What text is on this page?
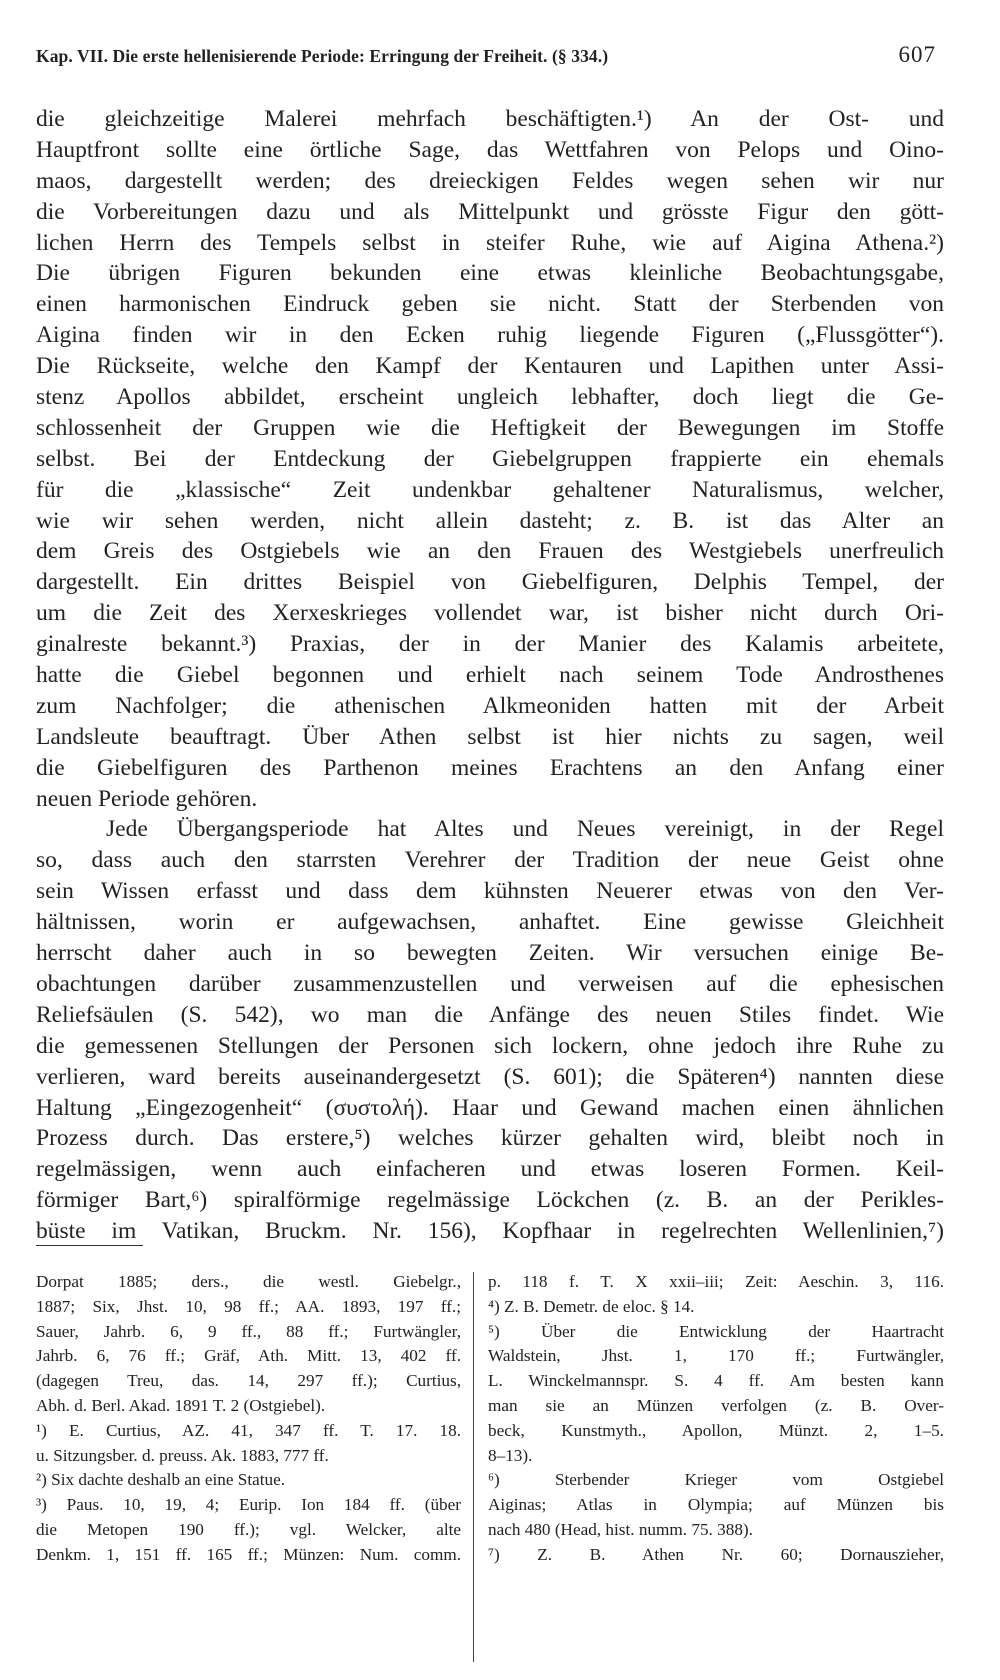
Kap. VII. Die erste hellenisierende Periode: Erringung der Freiheit. (§ 334.)	607
die gleichzeitige Malerei mehrfach beschäftigten.¹) An der Ost- und
Hauptfront sollte eine örtliche Sage, das Wettfahren von Pelops und Oino-
maos, dargestellt werden; des dreieckigen Feldes wegen sehen wir nur
die Vorbereitungen dazu und als Mittelpunkt und grösste Figur den gött-
lichen Herrn des Tempels selbst in steifer Ruhe, wie auf Aigina Athena.²)
Die übrigen Figuren bekunden eine etwas kleinliche Beobachtungsgabe,
einen harmonischen Eindruck geben sie nicht. Statt der Sterbenden von
Aigina finden wir in den Ecken ruhig liegende Figuren („Flussgötter“).
Die Rückseite, welche den Kampf der Kentauren und Lapithen unter Assi-
stenz Apollos abbildet, erscheint ungleich lebhafter, doch liegt die Ge-
schlossenheit der Gruppen wie die Heftigkeit der Bewegungen im Stoffe
selbst. Bei der Entdeckung der Giebelgruppen frappierte ein ehemals
für die „klassische“ Zeit undenkbar gehaltener Naturalismus, welcher,
wie wir sehen werden, nicht allein dasteht; z. B. ist das Alter an
dem Greis des Ostgiebels wie an den Frauen des Westgiebels unerfreulich
dargestellt. Ein drittes Beispiel von Giebelfiguren, Delphis Tempel, der
um die Zeit des Xerxeskrieges vollendet war, ist bisher nicht durch Ori-
ginalreste bekannt.³) Praxias, der in der Manier des Kalamis arbeitete,
hatte die Giebel begonnen und erhielt nach seinem Tode Androsthenes
zum Nachfolger; die athenischen Alkmeoniden hatten mit der Arbeit
Landsleute beauftragt. Über Athen selbst ist hier nichts zu sagen, weil
die Giebelfiguren des Parthenon meines Erachtens an den Anfang einer
neuen Periode gehören.
Jede Übergangsperiode hat Altes und Neues vereinigt, in der Regel
so, dass auch den starrsten Verehrer der Tradition der neue Geist ohne
sein Wissen erfasst und dass dem kühnsten Neuerer etwas von den Ver-
hältnissen, worin er aufgewachsen, anhaftet. Eine gewisse Gleichheit
herrscht daher auch in so bewegten Zeiten. Wir versuchen einige Be-
obachtungen darüber zusammenzustellen und verweisen auf die ephesischen
Reliefsäulen (S. 542), wo man die Anfänge des neuen Stiles findet. Wie
die gemessenen Stellungen der Personen sich lockern, ohne jedoch ihre Ruhe zu
verlieren, ward bereits auseinandergesetzt (S. 601); die Späteren⁴) nannten diese
Haltung „Eingezogenheit“ (συστολή). Haar und Gewand machen einen ähnlichen
Prozess durch. Das erstere,⁵) welches kürzer gehalten wird, bleibt noch in
regelmässigen, wenn auch einfacheren und etwas loseren Formen. Keil-
förmiger Bart,⁶) spiralförmige regelmässige Löckchen (z. B. an der Perikles-
büste im Vatikan, Bruckm. Nr. 156), Kopfhaar in regelrechten Wellenlinien,⁷)
Dorpat 1885; ders., die westl. Giebelgr.,
1887; Six, Jhst. 10, 98 ff.; AA. 1893, 197 ff.;
Sauer, Jahrb. 6, 9 ff., 88 ff.; Furtwängler,
Jahrb. 6, 76 ff.; Gräf, Ath. Mitt. 13, 402 ff.
(dagegen Treu, das. 14, 297 ff.); Curtius,
Abh. d. Berl. Akad. 1891 T. 2 (Ostgiebel).
¹) E. Curtius, AZ. 41, 347 ff. T. 17. 18.
u. Sitzungsber. d. preuss. Ak. 1883, 777 ff.
²) Six dachte deshalb an eine Statue.
³) Paus. 10, 19, 4; Eurip. Ion 184 ff. (über
die Metopen 190 ff.); vgl. Welcker, alte
Denkm. 1, 151 ff. 165 ff.; Münzen: Num. comm.
p. 118 f. T. X xxii–iii; Zeit: Aeschin. 3, 116.
⁴) Z. B. Demetr. de eloc. § 14.
⁵) Über die Entwicklung der Haartracht
Waldstein, Jhst. 1, 170 ff.; Furtwängler,
L. Winckelmannspr. S. 4 ff. Am besten kann
man sie an Münzen verfolgen (z. B. Over-
beck, Kunstmyth., Apollon, Münzt. 2, 1–5.
8–13).
⁶) Sterbender Krieger vom Ostgiebel
Aiginas; Atlas in Olympia; auf Münzen bis
nach 480 (Head, hist. numm. 75. 388).
⁷) Z. B. Athen Nr. 60; Dornauszieher,
